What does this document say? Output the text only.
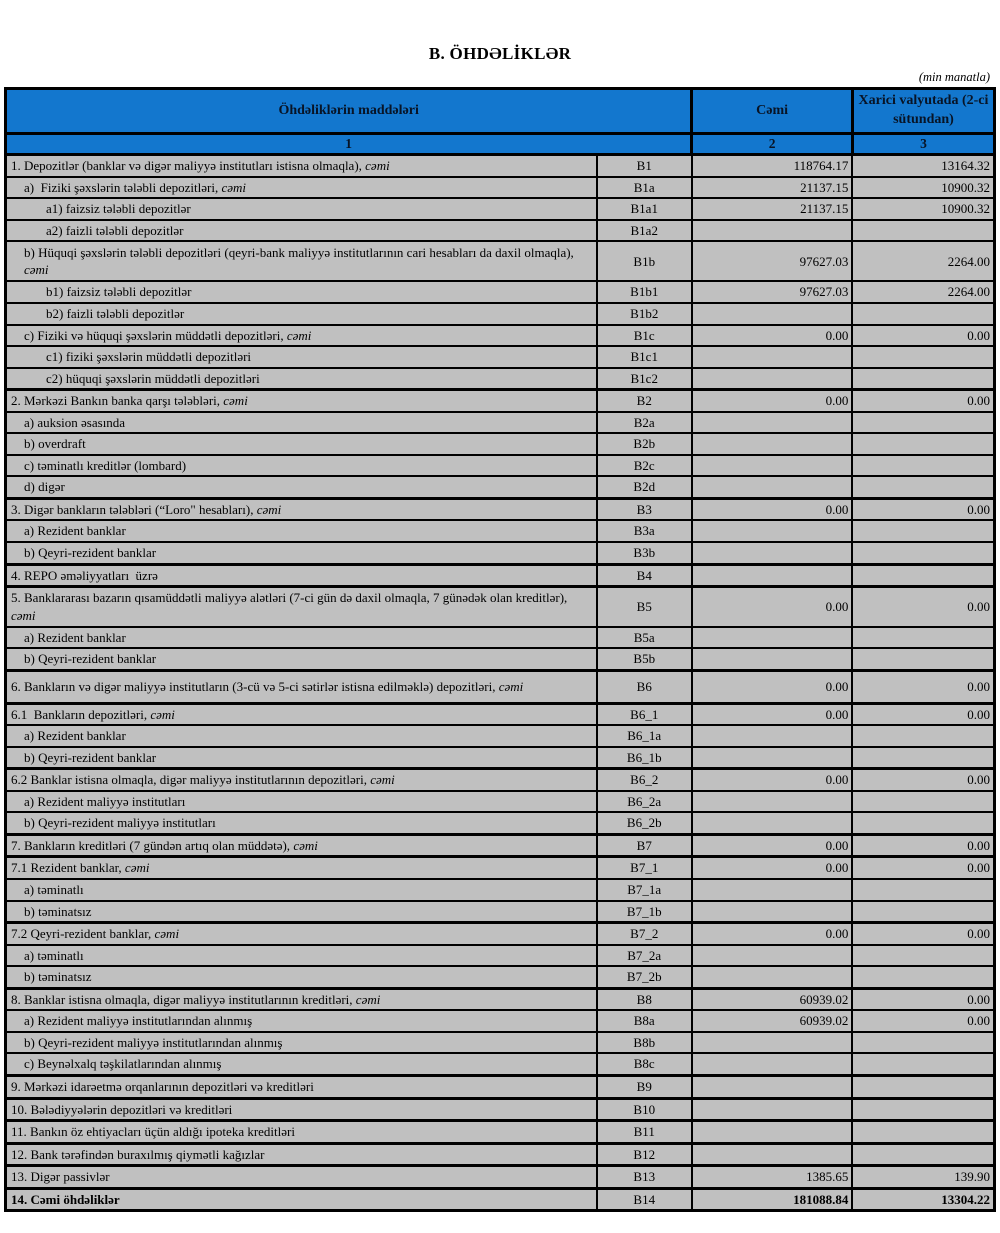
B. ÖHDƏLİKLƏR
(min manatla)
Öhdəliklərin maddələri		Cəmi	Xarici valyutada (2-ci sütundan)
1		2	3
1. Depozitlər (banklar və digər maliyyə institutları istisna olmaqla), cəmi	B1	118764.17	13164.32
a)  Fiziki şəxslərin tələbli depozitləri, cəmi	B1a	21137.15	10900.32
a1) faizsiz tələbli depozitlər	B1a1	21137.15	10900.32
a2) faizli tələbli depozitlər	B1a2		
b) Hüquqi şəxslərin tələbli depozitləri (qeyri-bank maliyyə institutlarının cari hesabları da daxil olmaqla), cəmi	B1b	97627.03	2264.00
b1) faizsiz tələbli depozitlər	B1b1	97627.03	2264.00
b2) faizli tələbli depozitlər	B1b2		
c) Fiziki və hüquqi şəxslərin müddətli depozitləri, cəmi	B1c	0.00	0.00
c1) fiziki şəxslərin müddətli depozitləri	B1c1		
c2) hüquqi şəxslərin müddətli depozitləri	B1c2		
2. Mərkəzi Bankın banka qarşı tələbləri, cəmi	B2	0.00	0.00
a) auksion əsasında	B2a		
b) overdraft	B2b		
c) təminatlı kreditlər (lombard)	B2c		
d) digər	B2d		
3. Digər bankların tələbləri (“Loro" hesabları), cəmi	B3	0.00	0.00
a) Rezident banklar	B3a		
b) Qeyri-rezident banklar	B3b		
4. REPO əməliyyatları  üzrə	B4		
5. Banklararası bazarın qısamüddətli maliyyə alətləri (7-ci gün də daxil olmaqla, 7 günədək olan kreditlər), cəmi	B5	0.00	0.00
a) Rezident banklar	B5a		
b) Qeyri-rezident banklar	B5b		
6. Bankların və digər maliyyə institutların (3-cü və 5-ci sətirlər istisna edilməklə) depozitləri, cəmi	B6	0.00	0.00
6.1  Bankların depozitləri, cəmi	B6_1	0.00	0.00
a) Rezident banklar	B6_1a		
b) Qeyri-rezident banklar	B6_1b		
6.2 Banklar istisna olmaqla, digər maliyyə institutlarının depozitləri, cəmi	B6_2	0.00	0.00
a) Rezident maliyyə institutları	B6_2a		
b) Qeyri-rezident maliyyə institutları	B6_2b		
7. Bankların kreditləri (7 gündən artıq olan müddətə), cəmi	B7	0.00	0.00
7.1 Rezident banklar, cəmi	B7_1	0.00	0.00
a) təminatlı	B7_1a		
b) təminatsız	B7_1b		
7.2 Qeyri-rezident banklar, cəmi	B7_2	0.00	0.00
a) təminatlı	B7_2a		
b) təminatsız	B7_2b		
8. Banklar istisna olmaqla, digər maliyyə institutlarının kreditləri, cəmi	B8	60939.02	0.00
a) Rezident maliyyə institutlarından alınmış	B8a	60939.02	0.00
b) Qeyri-rezident maliyyə institutlarından alınmış	B8b		
c) Beynəlxalq təşkilatlarından alınmış	B8c		
9. Mərkəzi idarəetmə orqanlarının depozitləri və kreditləri	B9		
10. Bələdiyyələrin depozitləri və kreditləri	B10		
11. Bankın öz ehtiyacları üçün aldığı ipoteka kreditləri	B11		
12. Bank tərəfindən buraxılmış qiymətli kağızlar	B12		
13. Digər passivlər	B13	1385.65	139.90
14. Cəmi öhdəliklər	B14	181088.84	13304.22
